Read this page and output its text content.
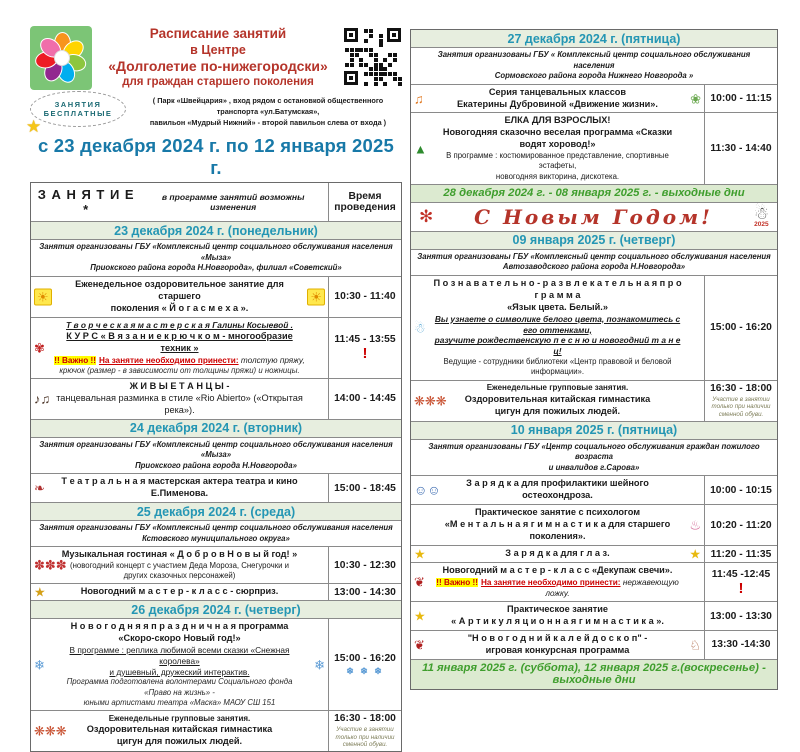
Расписание занятий
в Центре
«Долголетие по-нижегородски»
для граждан старшего поколения
ЗАНЯТИЯ
БЕСПЛАТНЫЕ
★
( Парк «Швейцария» , вход рядом с остановкой общественного транспорта «ул.Батумская»,
павильон «Мудрый Нижний» - второй павильон слева от входа )
с 23 декабря 2024 г. по 12 января 2025 г.
З А Н Я Т И Е *
в программе занятий возможны изменения
Время проведения
23 декабря 2024 г. (понедельник)
Занятия организованы ГБУ «Комплексный центр социального обслуживания населения «Мыза»
Приокского района города Н.Новгорода», филиал «Советский»
☀	☀
Еженедельное оздоровительное занятие для старшего
поколения « Й о г а с м е х а ».
10:30 - 11:40
✾
Т в о р ч е с к а я м а с т е р с к а я Галины Косыевой .
К У Р С « В я з а н и е к р ю ч к о м - многообразие техник »
!! Важно !! На занятие необходимо принести: толстую пряжу,
крючок (размер - в зависимости от толщины пряжи) и ножницы.
11:45 - 13:55
!
♪♫
Ж И В Ы Е Т А Н Ц Ы -
танцевальная разминка в стиле «Rio Abierto» («Открытая река»).
14:00 - 14:45
24 декабря 2024 г. (вторник)
Занятия организованы ГБУ «Комплексный центр социального обслуживания населения «Мыза»
Приокского района города Н.Новгорода»
❧	Т е а т р а л ь н а я мастерская актера театра и кино Е.Пименова.	15:00 - 18:45
25 декабря 2024 г. (среда)
Занятия организованы ГБУ «Комплексный центр социального обслуживания населения
Кстовского муниципального округа»
✽✽✽
Музыкальная гостиная « Д о б р о в Н о в ы й год! »
(новогодний концерт с участием Деда Мороза, Снегурочки и
других сказочных персонажей)
10:30 - 12:30
★	Новогодний м а с т е р - к л а с с - сюрприз.	13:00 - 14:30
26 декабря 2024 г. (четверг)
❄	❄
Н о в о г о д н я я п р а з д н и ч н а я программа
«Скоро-скоро Новый год!»
В программе : реплика любимой всеми сказки «Снежная королева»
и душевный, дружеский интерактив.
Программа подготовлена волонтерами Социального фонда «Право на жизнь» -
юными артистами театра «Маска» МАОУ СШ 151
15:00 - 16:20
❄ ❄ ❄
❋❋❋
Еженедельные групповые занятия.
Оздоровительная китайская гимнастика
цигун для пожилых людей.
16:30 - 18:00
Участие в занятии только при наличии сменной обуви.
27 декабря 2024 г. (пятница)
Занятия организованы ГБУ « Комплексный центр социального обслуживания населения
Сормовского района города Нижнего Новгорода »
♫	❀
Серия танцевальных классов
Екатерины Дубровиной «Движение жизни».	10:00 - 11:15
▲
ЕЛКА ДЛЯ ВЗРОСЛЫХ!
Новогодняя сказочно веселая программа «Сказки водят хоровод!»
В программе : костюмированное представление, спортивные эстафеты,
новогодняя викторина, дискотека.
11:30 - 14:40
28 декабря 2024 г. - 08 января 2025 г. - выходные дни
✻	С Новым Годом!	☃
2025
09 января 2025 г. (четверг)
Занятия организованы ГБУ «Комплексный центр социального обслуживания населения
Автозаводского района города Н.Новгорода»
☃
П о з н а в а т е л ь н о - р а з в л е к а т е л ь н а я п р о г р а м м а
«Язык цвета. Белый.»
Вы узнаете о символике белого цвета, познакомитесь с его оттенками,
разучите рождественскую п е с н ю и новогодний т а н е ц!
Ведущие - сотрудники библиотеки «Центр правовой и беловой информации».
15:00 - 16:20
❋❋❋
Еженедельные групповые занятия.
Оздоровительная китайская гимнастика
цигун для пожилых людей.
16:30 - 18:00
Участие в занятии только при наличии сменной обуви.
10 января 2025 г. (пятница)
Занятия организованы ГБУ «Центр социального обслуживания граждан пожилого возраста
и инвалидов г.Сарова»
☺☺	З а р я д к а для профилактики шейного остеохондроза.	10:00 - 10:15
♨
Практическое занятие с психологом
«М е н т а л ь н а я г и м н а с т и к а для старшего поколения».
10:20 - 11:20
★	★
З а р я д к а для г л а з.	11:20 - 11:35
❦
Новогодний м а с т е р - к л а с с «Декупаж свечи».
!! Важно !! На занятие необходимо принести: нержавеющую ложку.
11:45 -12:45
!
★	Практическое занятие
« А р т и к у л я ц и о н н а я г и м н а с т и к а ».	13:00 - 13:30
❦	♘
"Н о в о г о д н и й к а л е й д о с к о п" -
игровая конкурсная программа	13:30 -14:30
11 января 2025 г. (суббота), 12 января 2025 г.(воскресенье) - выходные дни
